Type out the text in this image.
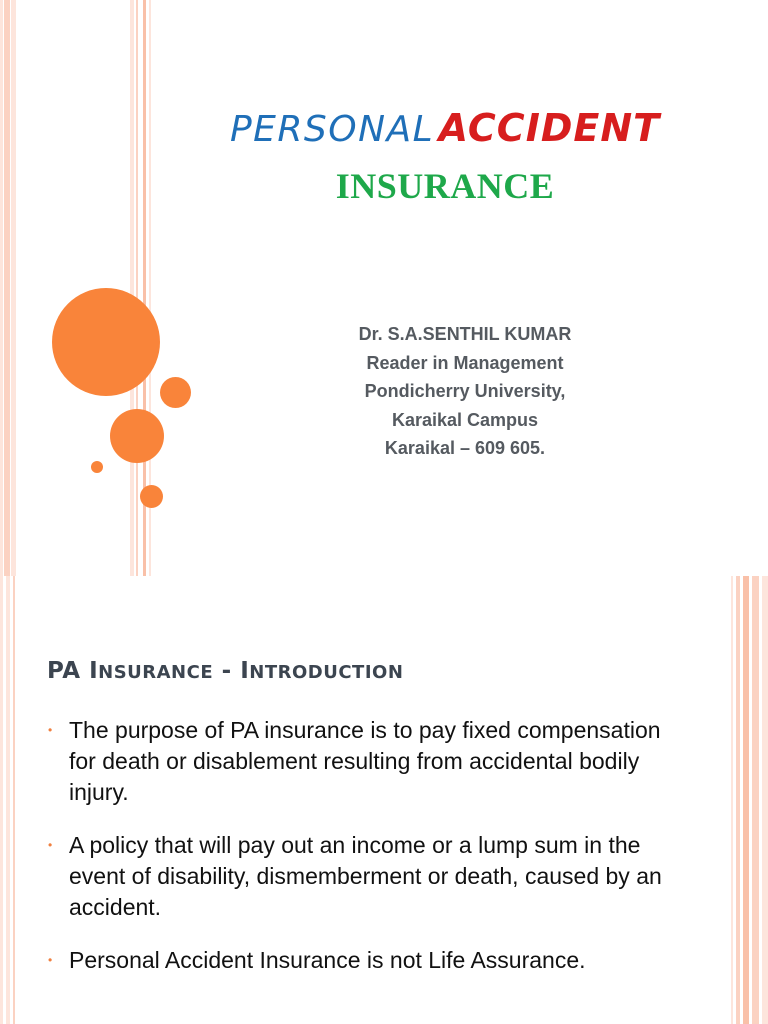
PERSONAL ACCIDENT
INSURANCE
Dr. S.A.SENTHIL KUMAR
Reader in Management
Pondicherry University,
Karaikal Campus
Karaikal – 609 605.
PA INSURANCE - INTRODUCTION
• The purpose of PA insurance is to pay fixed compensation for death or disablement resulting from accidental bodily injury.
• A policy that will pay out an income or a lump sum in the event of disability, dismemberment or death, caused by an accident.
• Personal Accident Insurance is not Life Assurance.
